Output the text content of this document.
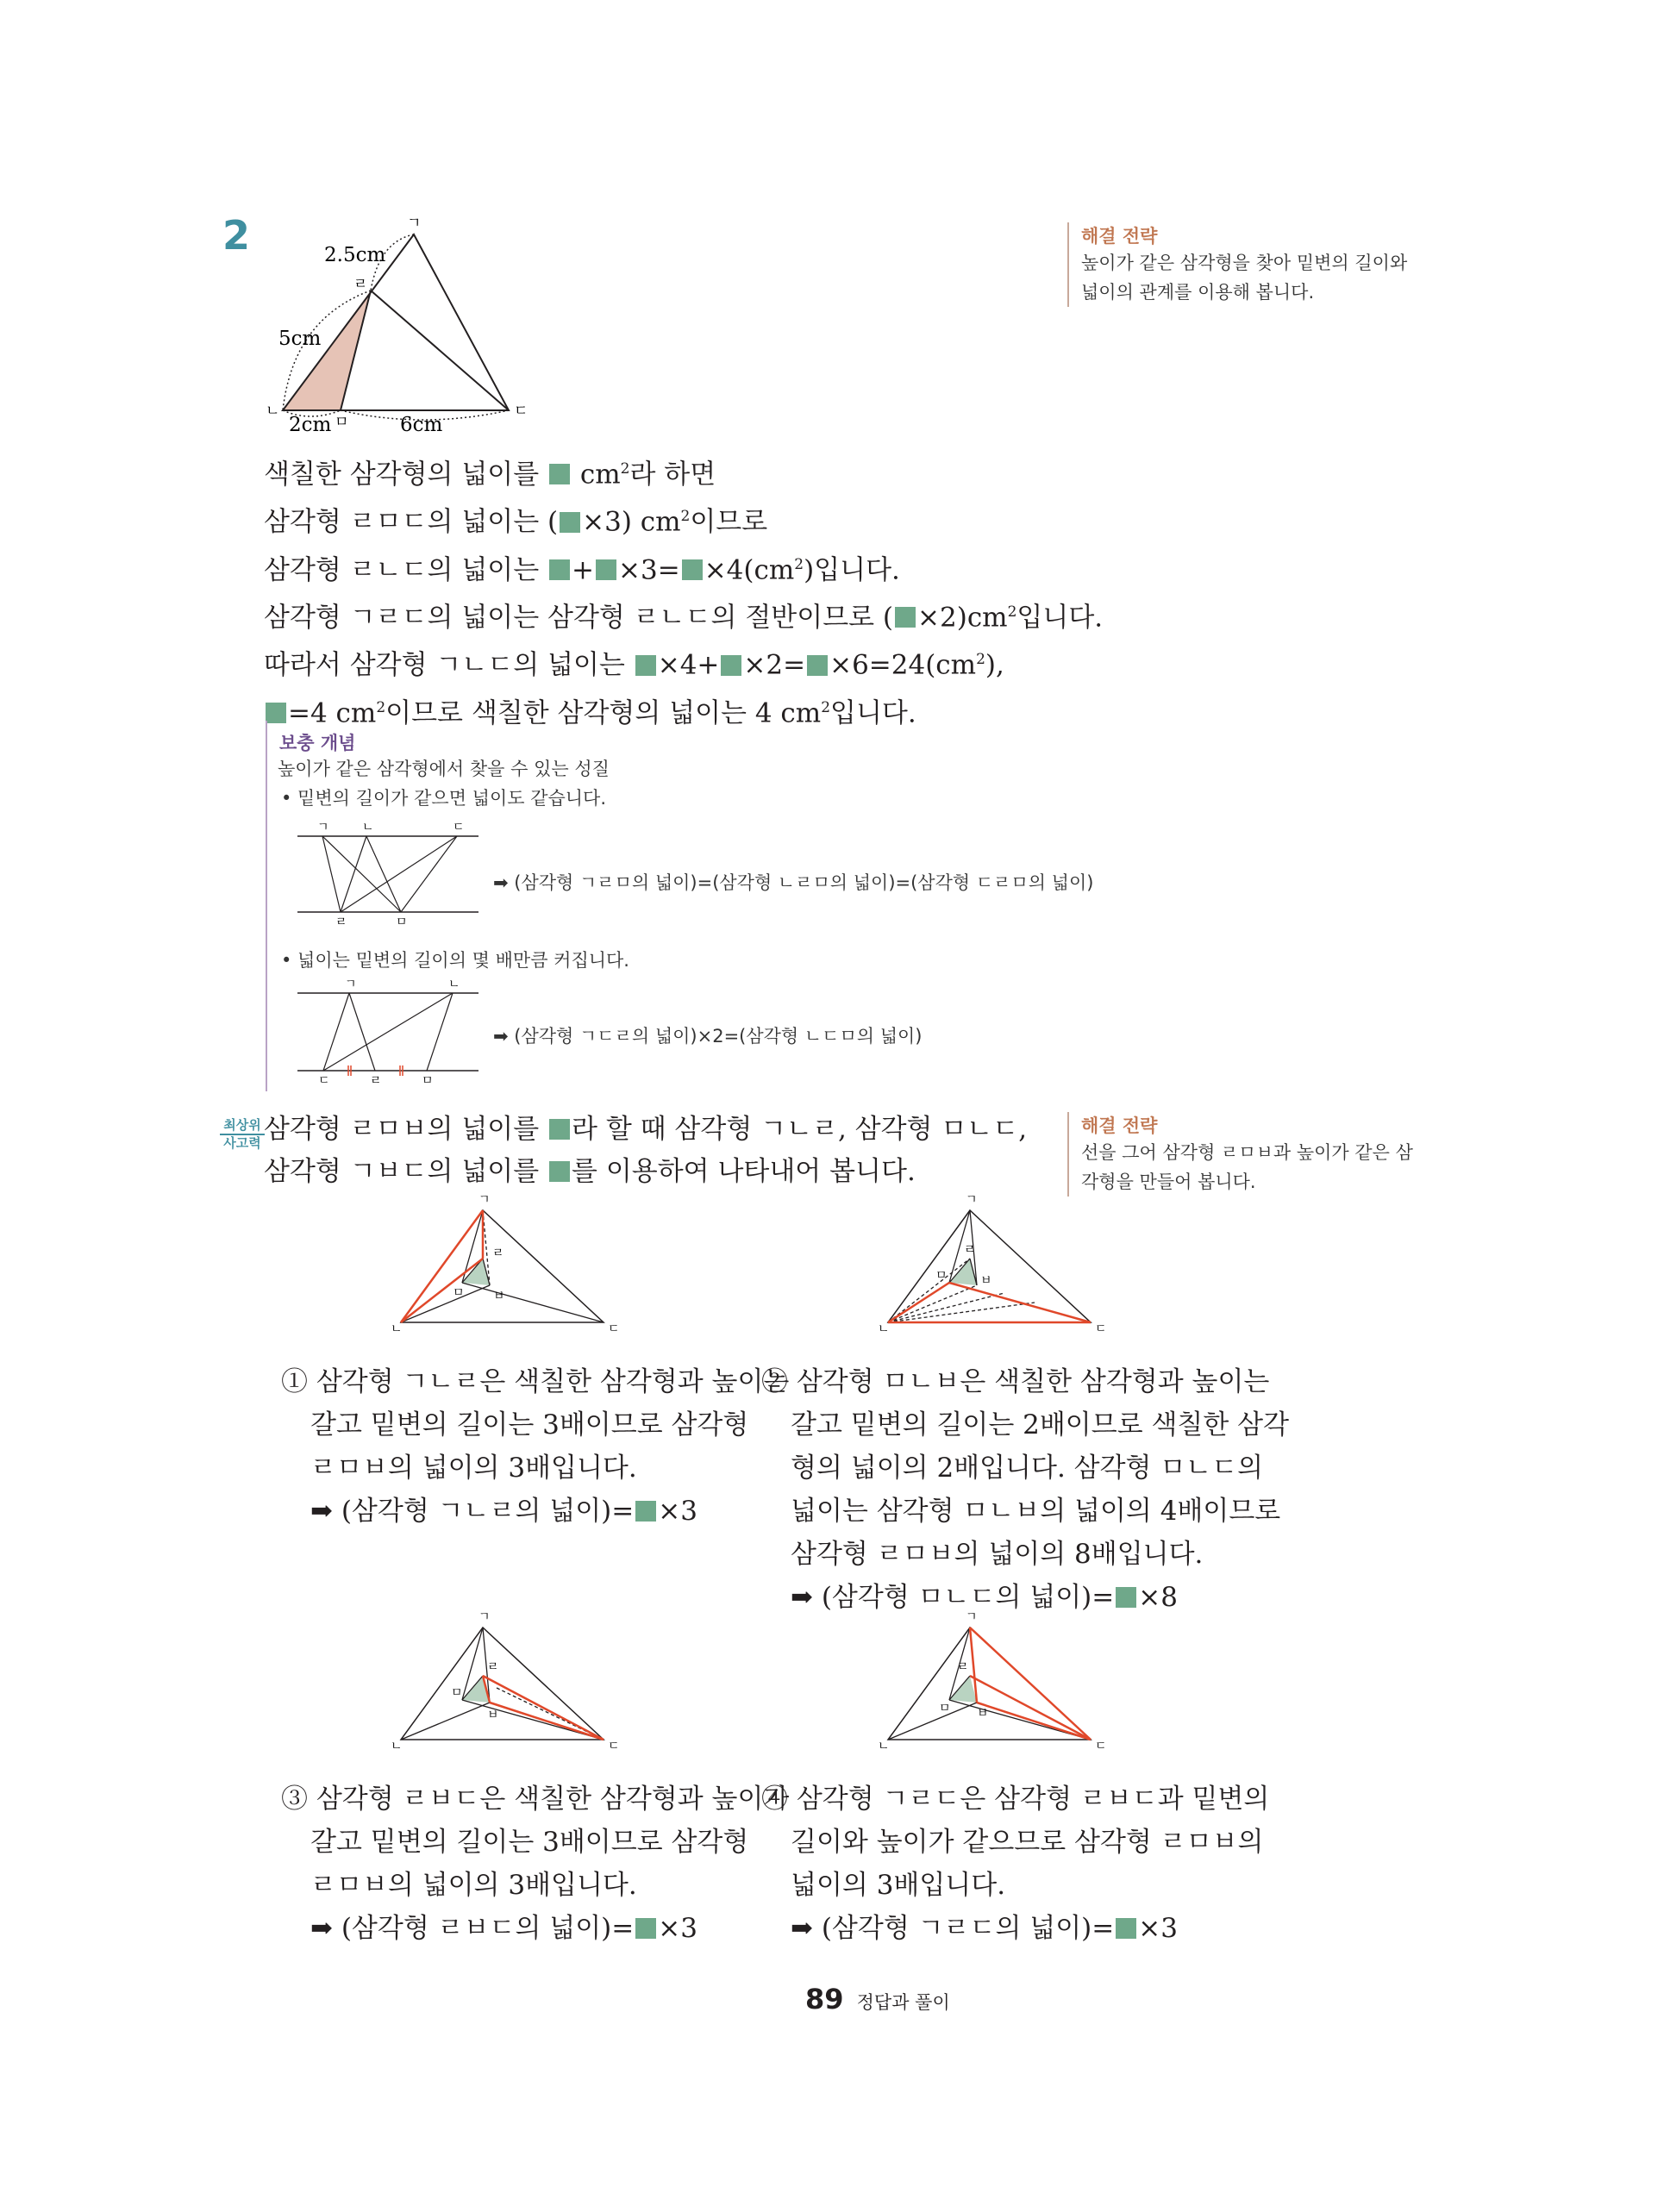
2	ㄱ
ㄹ
ㄴ
ㅁ
ㄷ
2.5cm
5cm
2cm	6cm
해결 전략
높이가 같은 삼각형을 찾아 밑변의 길이와
넓이의 관계를 이용해 봅니다.
색칠한 삼각형의 넓이를  $cm^2$라 하면
삼각형 ㄹㅁㄷ의 넓이는 ( ×3) $cm^2$이므로
삼각형 ㄹㄴㄷ의 넓이는 + $\times 3= \times 4(cm^2)$입니다.
삼각형 ㄱㄹㄷ의 넓이는 삼각형 ㄹㄴㄷ의 절반이므로 ( $\times 2)cm^2$입니다.
따라서 삼각형 ㄱㄴㄷ의 넓이는 $\times 4+ \times 2= \times 6=24(cm^2)$,
=4 $cm^2$이므로 색칠한 삼각형의 넓이는 4 $cm^2$입니다.
보충 개념
높이가 같은 삼각형에서 찾을 수 있는 성질
• 밑변의 길이가 같으면 넓이도 같습니다.
ㄱ	ㄴ	ㄷ
ㄹ	ㅁ
➡ (삼각형 ㄱㄹㅁ의 넓이)=(삼각형 ㄴㄹㅁ의 넓이)=(삼각형 ㄷㄹㅁ의 넓이)
• 넓이는 밑변의 길이의 몇 배만큼 커집니다.
ㄱ	ㄴ
ㄷ	ㄹ	ㅁ
➡ (삼각형 ㄱㄷㄹ의 넓이)×2=(삼각형 ㄴㄷㅁ의 넓이)
최상위
사고력 삼각형 ㄹㅁㅂ의 넓이를 라 할 때 삼각형 ㄱㄴㄹ, 삼각형 ㅁㄴㄷ,
삼각형 ㄱㅂㄷ의 넓이를 를 이용하여 나타내어 봅니다.
해결 전략
선을 그어 삼각형 ㄹㅁㅂ과 높이가 같은 삼
각형을 만들어 봅니다.
ㄱ
ㄹ
ㅁ ㅂ
ㄴ	ㄷ
ㄱ
ㄹ
ㅁ	ㅂ
ㄴ	ㄷ
① 삼각형 ㄱㄴㄹ은 색칠한 삼각형과 높이는
갈고 밑변의 길이는 3배이므로 삼각형
ㄹㅁㅂ의 넓이의 3배입니다.
➡ (삼각형 ㄱㄴㄹ의 넓이)= ×3
② 삼각형 ㅁㄴㅂ은 색칠한 삼각형과 높이는
갈고 밑변의 길이는 2배이므로 색칠한 삼각
형의 넓이의 2배입니다. 삼각형 ㅁㄴㄷ의
넓이는 삼각형 ㅁㄴㅂ의 넓이의 4배이므로
삼각형 ㄹㅁㅂ의 넓이의 8배입니다.
➡ (삼각형 ㅁㄴㄷ의 넓이)= ×8
ㄱ
ㄹ
ㅁ
ㅂ
ㄴ	ㄷ
ㄱ
ㄹ
ㅁ ㅂ
ㄴ	ㄷ
③ 삼각형 ㄹㅂㄷ은 색칠한 삼각형과 높이가
갈고 밑변의 길이는 3배이므로 삼각형
ㄹㅁㅂ의 넓이의 3배입니다.
➡ (삼각형 ㄹㅂㄷ의 넓이)= ×3
④ 삼각형 ㄱㄹㄷ은 삼각형 ㄹㅂㄷ과 밑변의
길이와 높이가 같으므로 삼각형 ㄹㅁㅂ의
넓이의 3배입니다.
➡ (삼각형 ㄱㄹㄷ의 넓이)= ×3
89 정답과 풀이
